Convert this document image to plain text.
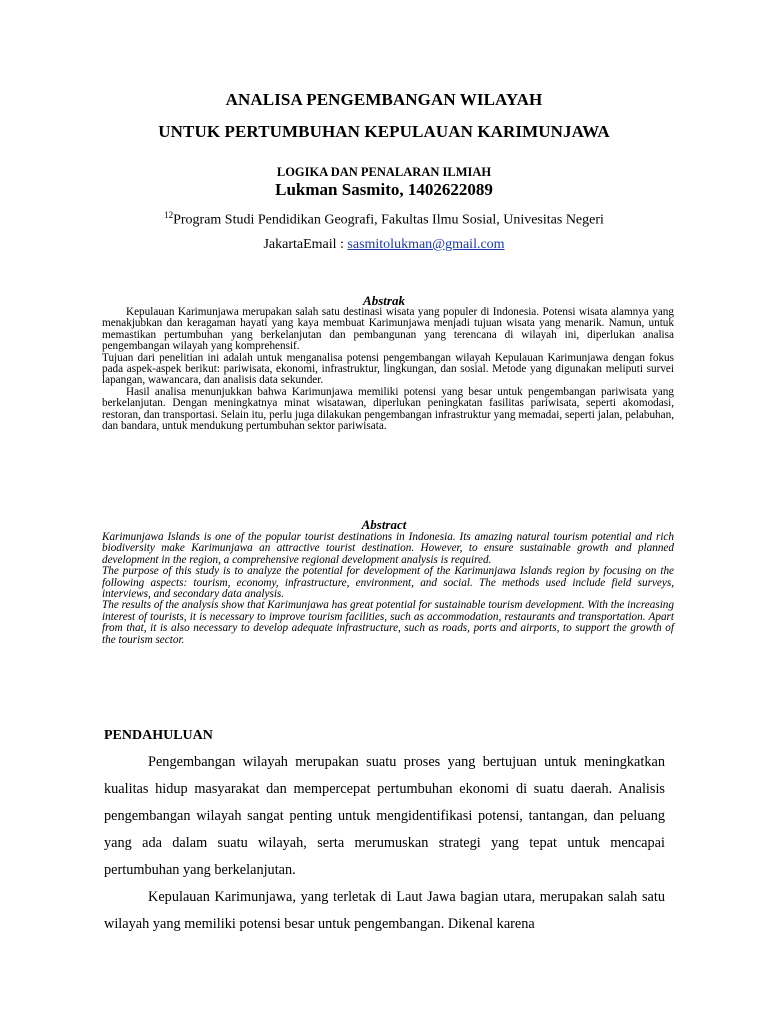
ANALISA PENGEMBANGAN WILAYAH
UNTUK PERTUMBUHAN KEPULAUAN KARIMUNJAWA
LOGIKA DAN PENALARAN ILMIAH
Lukman Sasmito, 1402622089
$^{12}$Program Studi Pendidikan Geografi, Fakultas Ilmu Sosial, Univesitas Negeri
JakartaEmail : sasmitolukman@gmail.com
Abstrak

Kepulauan Karimunjawa merupakan salah satu destinasi wisata yang populer di Indonesia. Potensi wisata alamnya yang menakjubkan dan keragaman hayati yang kaya membuat Karimunjawa menjadi tujuan wisata yang menarik. Namun, untuk memastikan pertumbuhan yang berkelanjutan dan pembangunan yang terencana di wilayah ini, diperlukan analisa pengembangan wilayah yang komprehensif.

Tujuan dari penelitian ini adalah untuk menganalisa potensi pengembangan wilayah Kepulauan Karimunjawa dengan fokus pada aspek-aspek berikut: pariwisata, ekonomi, infrastruktur, lingkungan, dan sosial. Metode yang digunakan meliputi survei lapangan, wawancara, dan analisis data sekunder.

Hasil analisa menunjukkan bahwa Karimunjawa memiliki potensi yang besar untuk pengembangan pariwisata yang berkelanjutan. Dengan meningkatnya minat wisatawan, diperlukan peningkatan fasilitas pariwisata, seperti akomodasi, restoran, dan transportasi. Selain itu, perlu juga dilakukan pengembangan infrastruktur yang memadai, seperti jalan, pelabuhan, dan bandara, untuk mendukung pertumbuhan sektor pariwisata.

Abstract

Karimunjawa Islands is one of the popular tourist destinations in Indonesia. Its amazing natural tourism potential and rich biodiversity make Karimunjawa an attractive tourist destination. However, to ensure sustainable growth and planned development in the region, a comprehensive regional development analysis is required.

The purpose of this study is to analyze the potential for development of the Karimunjawa Islands region by focusing on the following aspects: tourism, economy, infrastructure, environment, and social. The methods used include field surveys, interviews, and secondary data analysis.

The results of the analysis show that Karimunjawa has great potential for sustainable tourism development. With the increasing interest of tourists, it is necessary to improve tourism facilities, such as accommodation, restaurants and transportation. Apart from that, it is also necessary to develop adequate infrastructure, such as roads, ports and airports, to support the growth of the tourism sector.

PENDAHULUAN

Pengembangan wilayah merupakan suatu proses yang bertujuan untuk meningkatkan kualitas hidup masyarakat dan mempercepat pertumbuhan ekonomi di suatu daerah. Analisis pengembangan wilayah sangat penting untuk mengidentifikasi potensi, tantangan, dan peluang yang ada dalam suatu wilayah, serta merumuskan strategi yang tepat untuk mencapai pertumbuhan yang berkelanjutan.

Kepulauan Karimunjawa, yang terletak di Laut Jawa bagian utara, merupakan salah satu wilayah yang memiliki potensi besar untuk pengembangan. Dikenal karena
